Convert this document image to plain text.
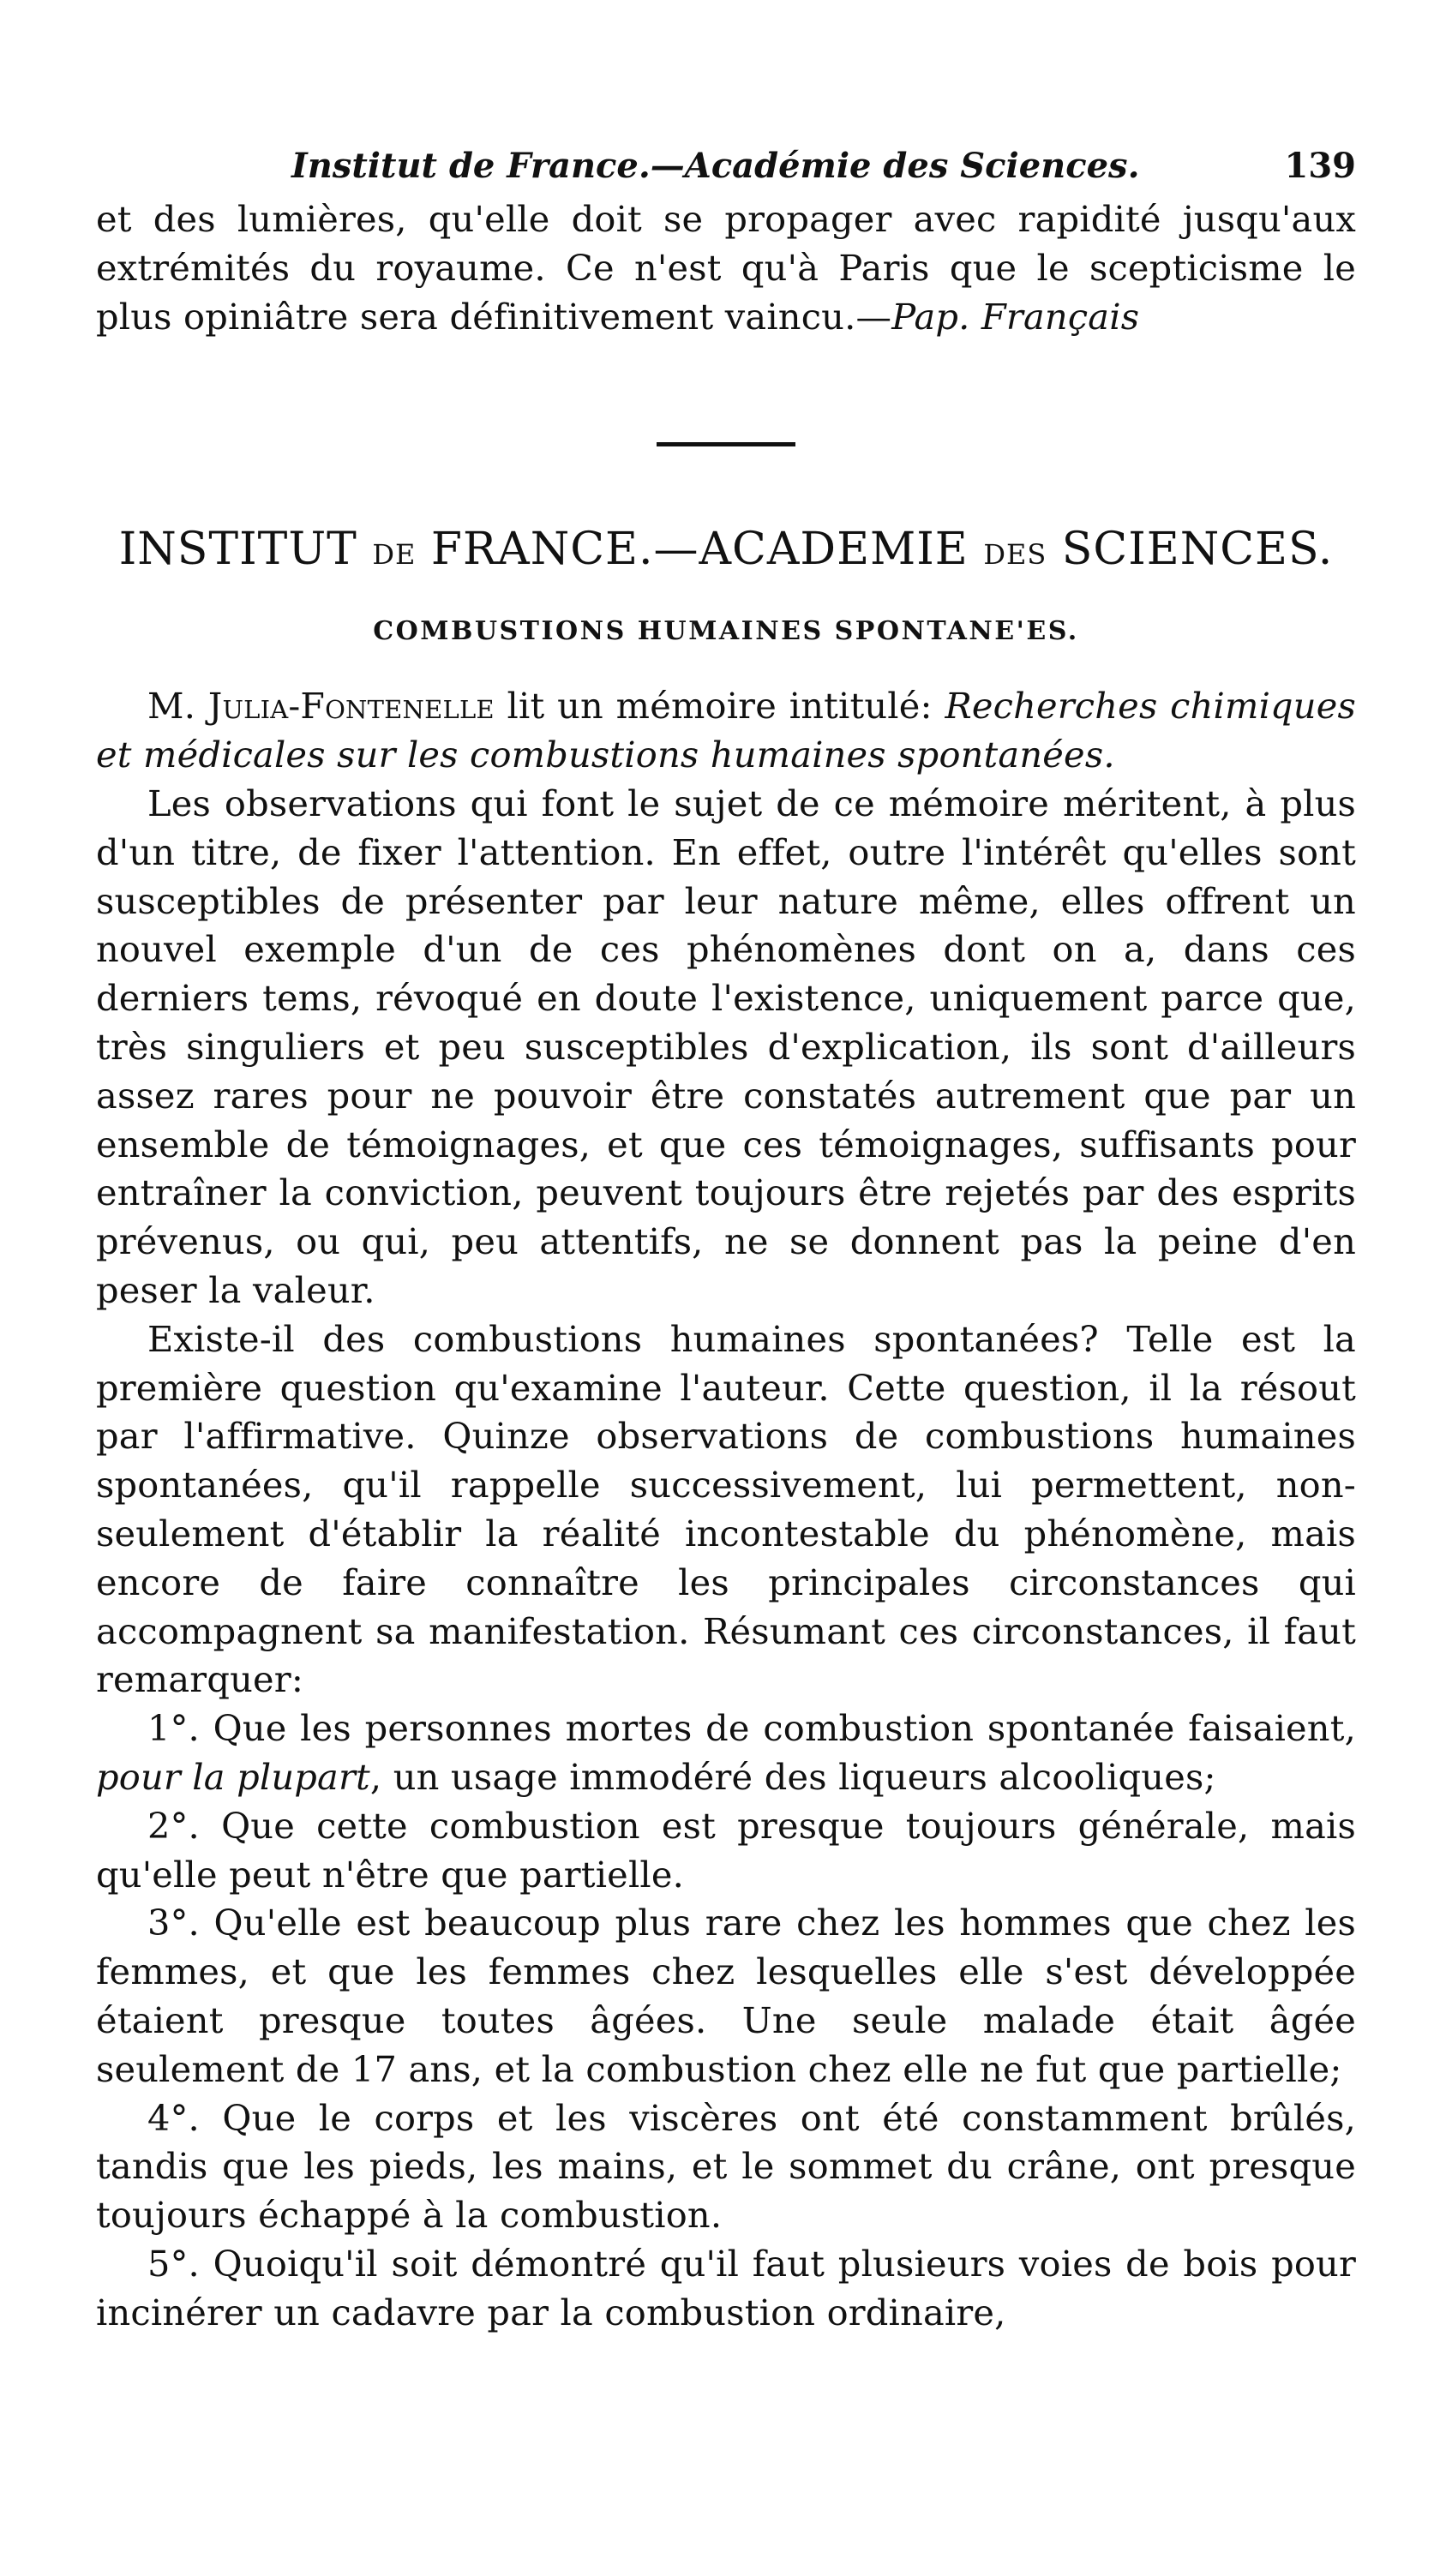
Institut de France.—Académie des Sciences.	139

et des lumières, qu'elle doit se propager avec rapidité jusqu'aux extrémités du royaume. Ce n'est qu'à Paris que le scepticisme le plus opiniâtre sera définitivement vaincu.—Pap. Français

INSTITUT DE FRANCE.—ACADEMIE DES SCIENCES.
COMBUSTIONS HUMAINES SPONTANE'ES.

M. Julia-Fontenelle lit un mémoire intitulé: Recherches chimiques et médicales sur les combustions humaines spontanées.

Les observations qui font le sujet de ce mémoire méritent, à plus d'un titre, de fixer l'attention. En effet, outre l'intérêt qu'elles sont susceptibles de présenter par leur nature même, elles offrent un nouvel exemple d'un de ces phénomènes dont on a, dans ces derniers tems, révoqué en doute l'existence, uniquement parce que, très singuliers et peu susceptibles d'explication, ils sont d'ailleurs assez rares pour ne pouvoir être constatés autrement que par un ensemble de témoignages, et que ces témoignages, suffisants pour entraîner la conviction, peuvent toujours être rejetés par des esprits prévenus, ou qui, peu attentifs, ne se donnent pas la peine d'en peser la valeur.

Existe-il des combustions humaines spontanées? Telle est la première question qu'examine l'auteur. Cette question, il la résout par l'affirmative. Quinze observations de combustions humaines spontanées, qu'il rappelle successivement, lui permettent, non-seulement d'établir la réalité incontestable du phénomène, mais encore de faire connaître les principales circonstances qui accompagnent sa manifestation. Résumant ces circonstances, il faut remarquer:

1°. Que les personnes mortes de combustion spontanée faisaient, pour la plupart, un usage immodéré des liqueurs alcooliques;

2°. Que cette combustion est presque toujours générale, mais qu'elle peut n'être que partielle.

3°. Qu'elle est beaucoup plus rare chez les hommes que chez les femmes, et que les femmes chez lesquelles elle s'est développée étaient presque toutes âgées. Une seule malade était âgée seulement de 17 ans, et la combustion chez elle ne fut que partielle;

4°. Que le corps et les viscères ont été constamment brûlés, tandis que les pieds, les mains, et le sommet du crâne, ont presque toujours échappé à la combustion.

5°. Quoiqu'il soit démontré qu'il faut plusieurs voies de bois pour incinérer un cadavre par la combustion ordinaire,
